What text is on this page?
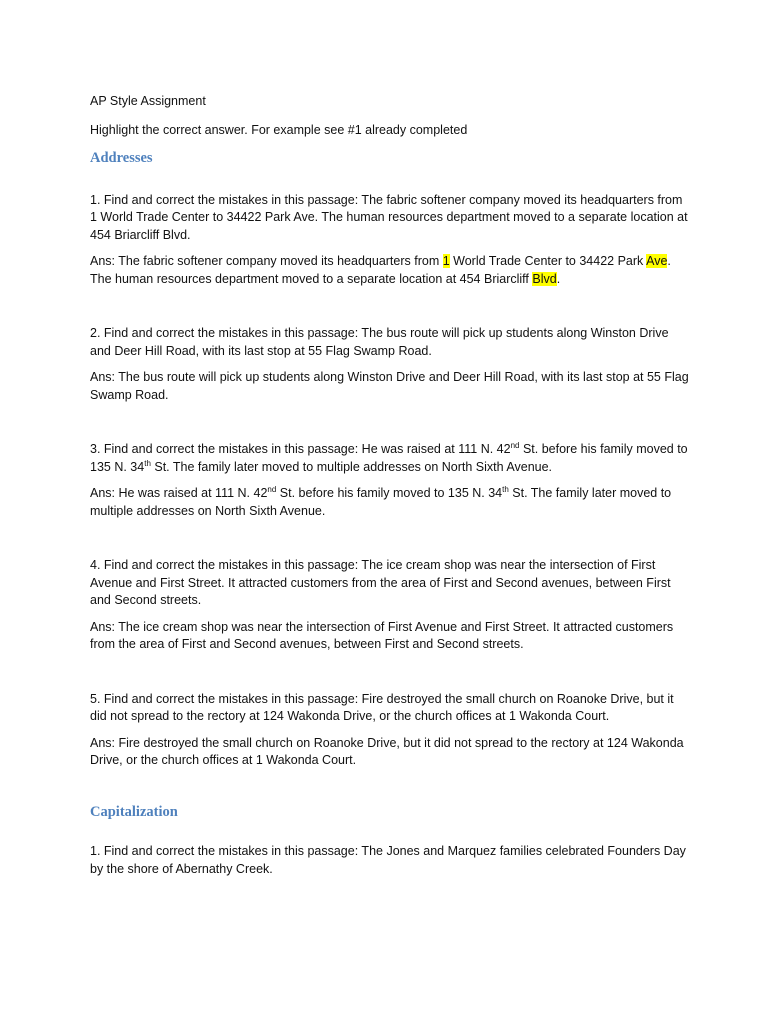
AP Style Assignment

Highlight the correct answer. For example see #1 already completed

Addresses

1. Find and correct the mistakes in this passage: The fabric softener company moved its headquarters from 1 World Trade Center to 34422 Park Ave. The human resources department moved to a separate location at 454 Briarcliff Blvd.

Ans: The fabric softener company moved its headquarters from 1 World Trade Center to 34422 Park Ave. The human resources department moved to a separate location at 454 Briarcliff Blvd.

2. Find and correct the mistakes in this passage: The bus route will pick up students along Winston Drive and Deer Hill Road, with its last stop at 55 Flag Swamp Road.

Ans: The bus route will pick up students along Winston Drive and Deer Hill Road, with its last stop at 55 Flag Swamp Road.

3. Find and correct the mistakes in this passage: He was raised at 111 N. 42nd St. before his family moved to 135 N. 34th St. The family later moved to multiple addresses on North Sixth Avenue.

Ans: He was raised at 111 N. 42nd St. before his family moved to 135 N. 34th St. The family later moved to multiple addresses on North Sixth Avenue.

4. Find and correct the mistakes in this passage: The ice cream shop was near the intersection of First Avenue and First Street. It attracted customers from the area of First and Second avenues, between First and Second streets.

Ans: The ice cream shop was near the intersection of First Avenue and First Street. It attracted customers from the area of First and Second avenues, between First and Second streets.

5. Find and correct the mistakes in this passage: Fire destroyed the small church on Roanoke Drive, but it did not spread to the rectory at 124 Wakonda Drive, or the church offices at 1 Wakonda Court.

Ans: Fire destroyed the small church on Roanoke Drive, but it did not spread to the rectory at 124 Wakonda Drive, or the church offices at 1 Wakonda Court.

Capitalization

1. Find and correct the mistakes in this passage: The Jones and Marquez families celebrated Founders Day by the shore of Abernathy Creek.
